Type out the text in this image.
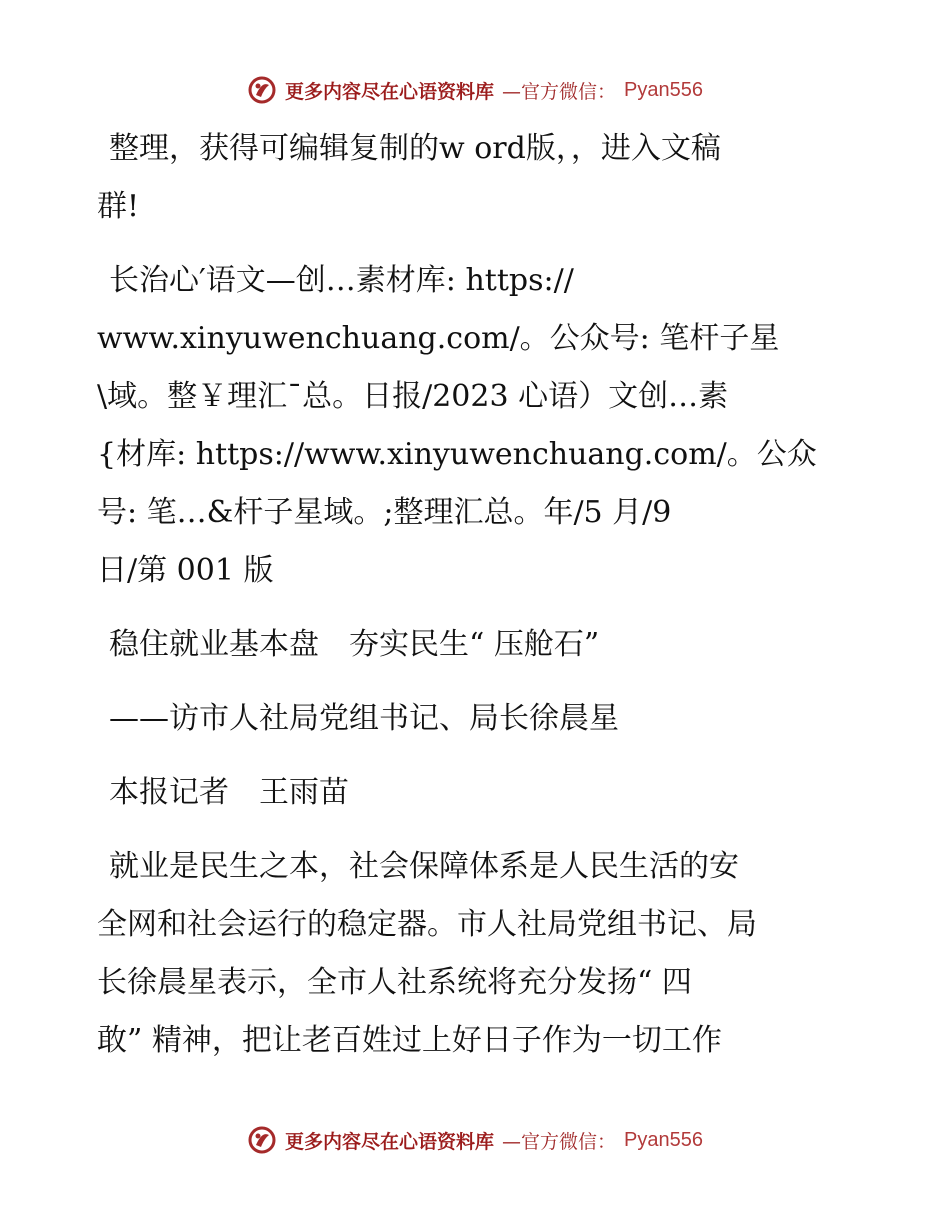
更多内容尽在心语资料库 —官方微信： Pyan556
整理，获得可编辑复制的w ord版，，进入文稿
群!
长治心′语文—创…素材库: https://
www.xinyuwenchuang.com/。公众号: 笔杆子星
\域。整￥理汇¯总。日报/2023 心语）文创…素
{材库: https://www.xinyuwenchuang.com/。公众
号: 笔…&杆子星域。;整理汇总。年/5 月/9
日/第 001 版
稳住就业基本盘　夯实民生“ 压舱石”
——访市人社局党组书记、局长徐晨星
本报记者　王雨苗
就业是民生之本，社会保障体系是人民生活的安
全网和社会运行的稳定器。市人社局党组书记、局
长徐晨星表示，全市人社系统将充分发扬“ 四
敢” 精神，把让老百姓过上好日子作为一切工作
更多内容尽在心语资料库 —官方微信： Pyan556
